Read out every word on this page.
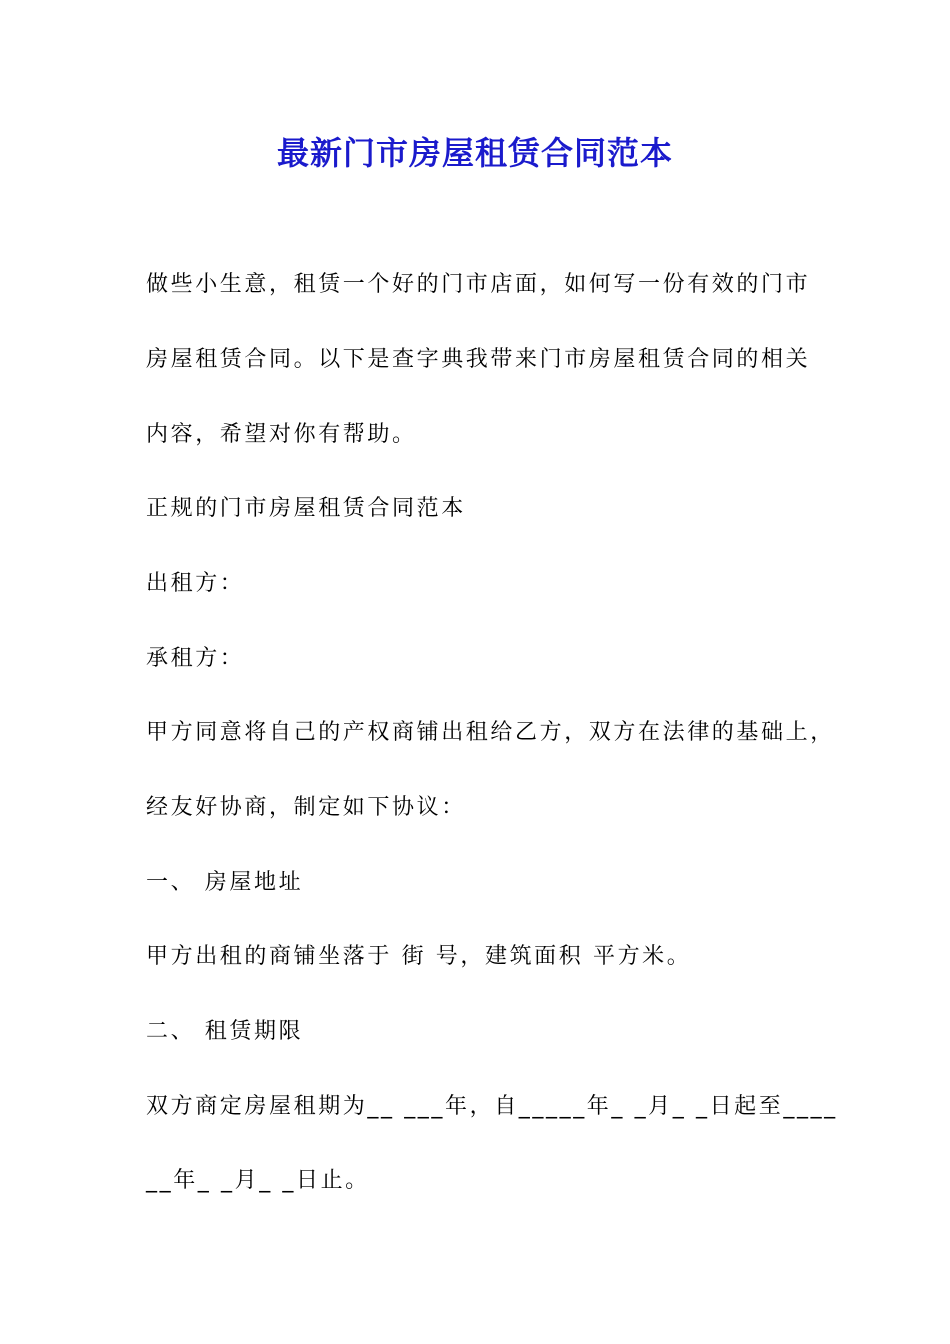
最新门市房屋租赁合同范本
做些小生意，租赁一个好的门市店面，如何写一份有效的门市
房屋租赁合同。以下是查字典我带来门市房屋租赁合同的相关
内容，希望对你有帮助。
正规的门市房屋租赁合同范本
出租方：
承租方：
甲方同意将自己的产权商铺出租给乙方，双方在法律的基础上，
经友好协商，制定如下协议：
一、 房屋地址
甲方出租的商铺坐落于 街 号，建筑面积 平方米。
二、 租赁期限
双方商定房屋租期为__ ___年，自_____年_ _月_ _日起至____
__年_ _月_ _日止。
